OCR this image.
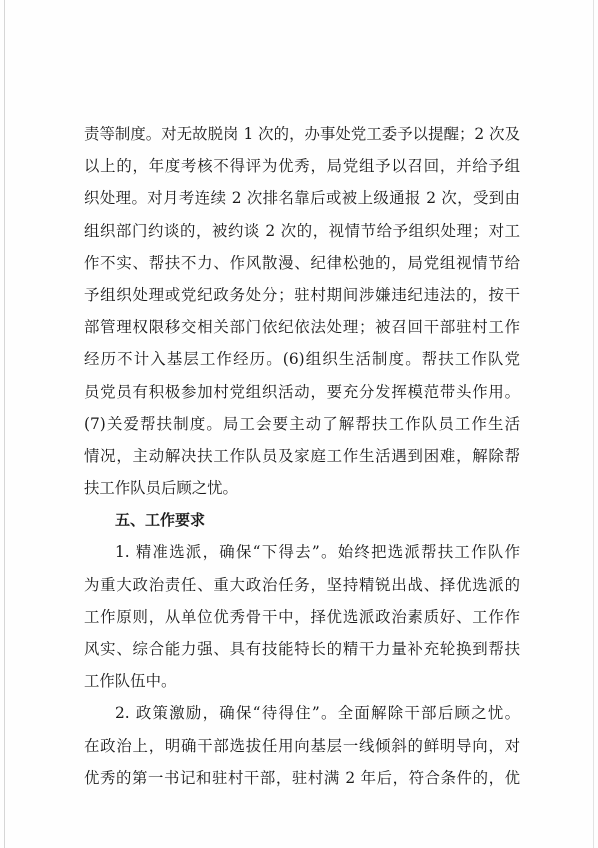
责等制度。对无故脱岗 1 次的，办事处党工委予以提醒；2 次及
以上的，年度考核不得评为优秀，局党组予以召回，并给予组
织处理。对月考连续 2 次排名靠后或被上级通报 2 次，受到由
组织部门约谈的，被约谈 2 次的，视情节给予组织处理；对工
作不实、帮扶不力、作风散漫、纪律松弛的，局党组视情节给
予组织处理或党纪政务处分；驻村期间涉嫌违纪违法的，按干
部管理权限移交相关部门依纪依法处理；被召回干部驻村工作
经历不计入基层工作经历。(6)组织生活制度。帮扶工作队党
员党员有积极参加村党组织活动，要充分发挥模范带头作用。
(7)关爱帮扶制度。局工会要主动了解帮扶工作队员工作生活
情况，主动解决扶工作队员及家庭工作生活遇到困难，解除帮
扶工作队员后顾之忧。
五、工作要求
1. 精准选派，确保“下得去”。始终把选派帮扶工作队作
为重大政治责任、重大政治任务，坚持精锐出战、择优选派的
工作原则，从单位优秀骨干中，择优选派政治素质好、工作作
风实、综合能力强、具有技能特长的精干力量补充轮换到帮扶
工作队伍中。
2. 政策激励，确保“待得住”。全面解除干部后顾之忧。
在政治上，明确干部选拔任用向基层一线倾斜的鲜明导向，对
优秀的第一书记和驻村干部，驻村满 2 年后，符合条件的，优
